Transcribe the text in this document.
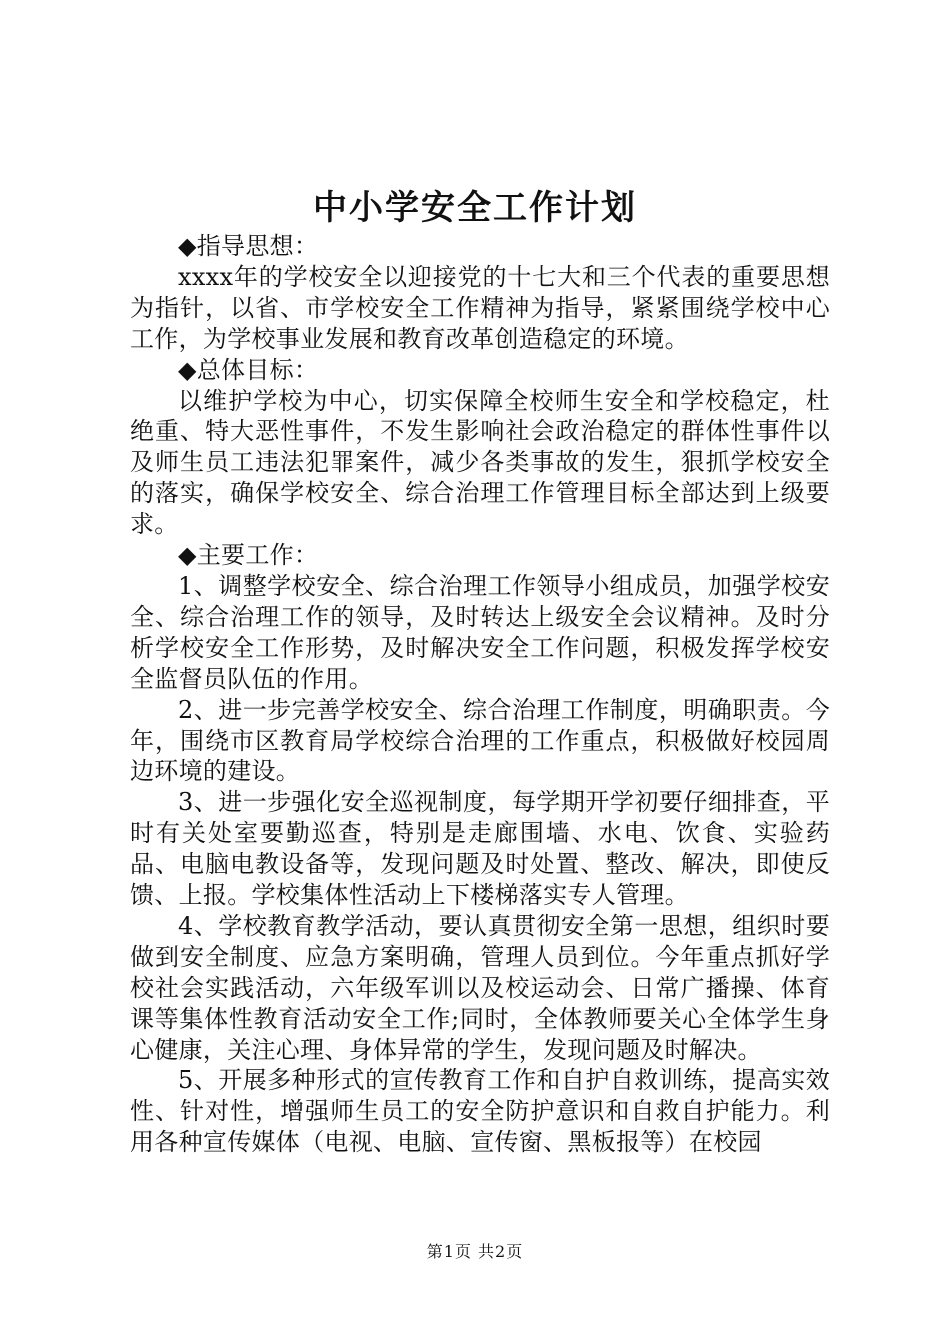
中小学安全工作计划

◆指导思想：

xxxx年的学校安全以迎接党的十七大和三个代表的重要思想为指针，以省、市学校安全工作精神为指导，紧紧围绕学校中心工作，为学校事业发展和教育改革创造稳定的环境。

◆总体目标：

以维护学校为中心，切实保障全校师生安全和学校稳定，杜绝重、特大恶性事件，不发生影响社会政治稳定的群体性事件以及师生员工违法犯罪案件，减少各类事故的发生，狠抓学校安全的落实，确保学校安全、综合治理工作管理目标全部达到上级要求。

◆主要工作：

1、调整学校安全、综合治理工作领导小组成员，加强学校安全、综合治理工作的领导，及时转达上级安全会议精神。及时分析学校安全工作形势，及时解决安全工作问题，积极发挥学校安全监督员队伍的作用。

2、进一步完善学校安全、综合治理工作制度，明确职责。今年，围绕市区教育局学校综合治理的工作重点，积极做好校园周边环境的建设。

3、进一步强化安全巡视制度，每学期开学初要仔细排查，平时有关处室要勤巡查，特别是走廊围墙、水电、饮食、实验药品、电脑电教设备等，发现问题及时处置、整改、解决，即使反馈、上报。学校集体性活动上下楼梯落实专人管理。

4、学校教育教学活动，要认真贯彻安全第一思想，组织时要做到安全制度、应急方案明确，管理人员到位。今年重点抓好学校社会实践活动，六年级军训以及校运动会、日常广播操、体育课等集体性教育活动安全工作;同时，全体教师要关心全体学生身心健康，关注心理、身体异常的学生，发现问题及时解决。

5、开展多种形式的宣传教育工作和自护自救训练，提高实效性、针对性，增强师生员工的安全防护意识和自救自护能力。利用各种宣传媒体（电视、电脑、宣传窗、黑板报等）在校园

第1页 共2页
